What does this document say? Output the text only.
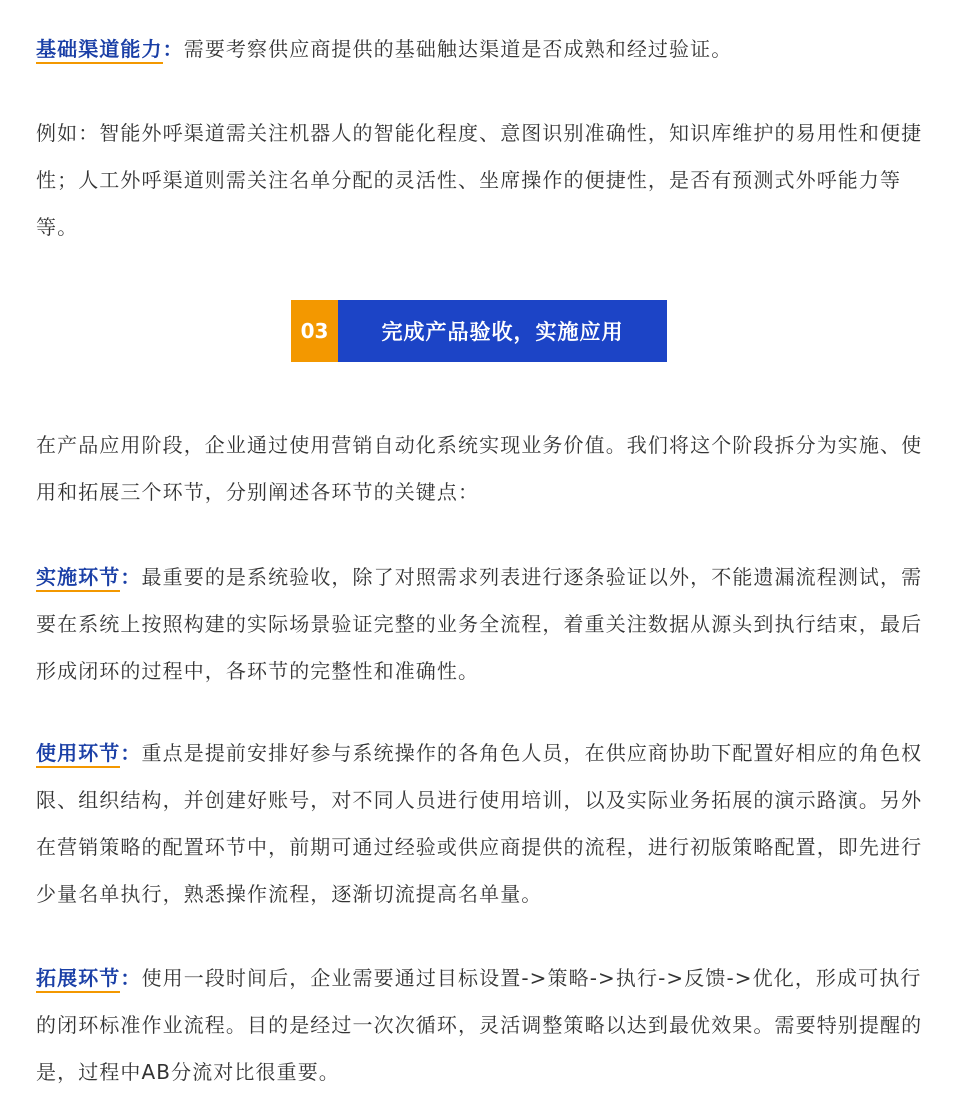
基础渠道能力：需要考察供应商提供的基础触达渠道是否成熟和经过验证。

例如：智能外呼渠道需关注机器人的智能化程度、意图识别准确性，知识库维护的易用性和便捷性；人工外呼渠道则需关注名单分配的灵活性、坐席操作的便捷性，是否有预测式外呼能力等等。

03	完成产品验收，实施应用

在产品应用阶段，企业通过使用营销自动化系统实现业务价值。我们将这个阶段拆分为实施、使用和拓展三个环节，分别阐述各环节的关键点：

实施环节：最重要的是系统验收，除了对照需求列表进行逐条验证以外，不能遗漏流程测试，需要在系统上按照构建的实际场景验证完整的业务全流程，着重关注数据从源头到执行结束，最后形成闭环的过程中，各环节的完整性和准确性。

使用环节：重点是提前安排好参与系统操作的各角色人员，在供应商协助下配置好相应的角色权限、组织结构，并创建好账号，对不同人员进行使用培训，以及实际业务拓展的演示路演。另外在营销策略的配置环节中，前期可通过经验或供应商提供的流程，进行初版策略配置，即先进行少量名单执行，熟悉操作流程，逐渐切流提高名单量。

拓展环节：使用一段时间后，企业需要通过目标设置->策略->执行->反馈->优化，形成可执行的闭环标准作业流程。目的是经过一次次循环，灵活调整策略以达到最优效果。需要特别提醒的是，过程中AB分流对比很重要。
